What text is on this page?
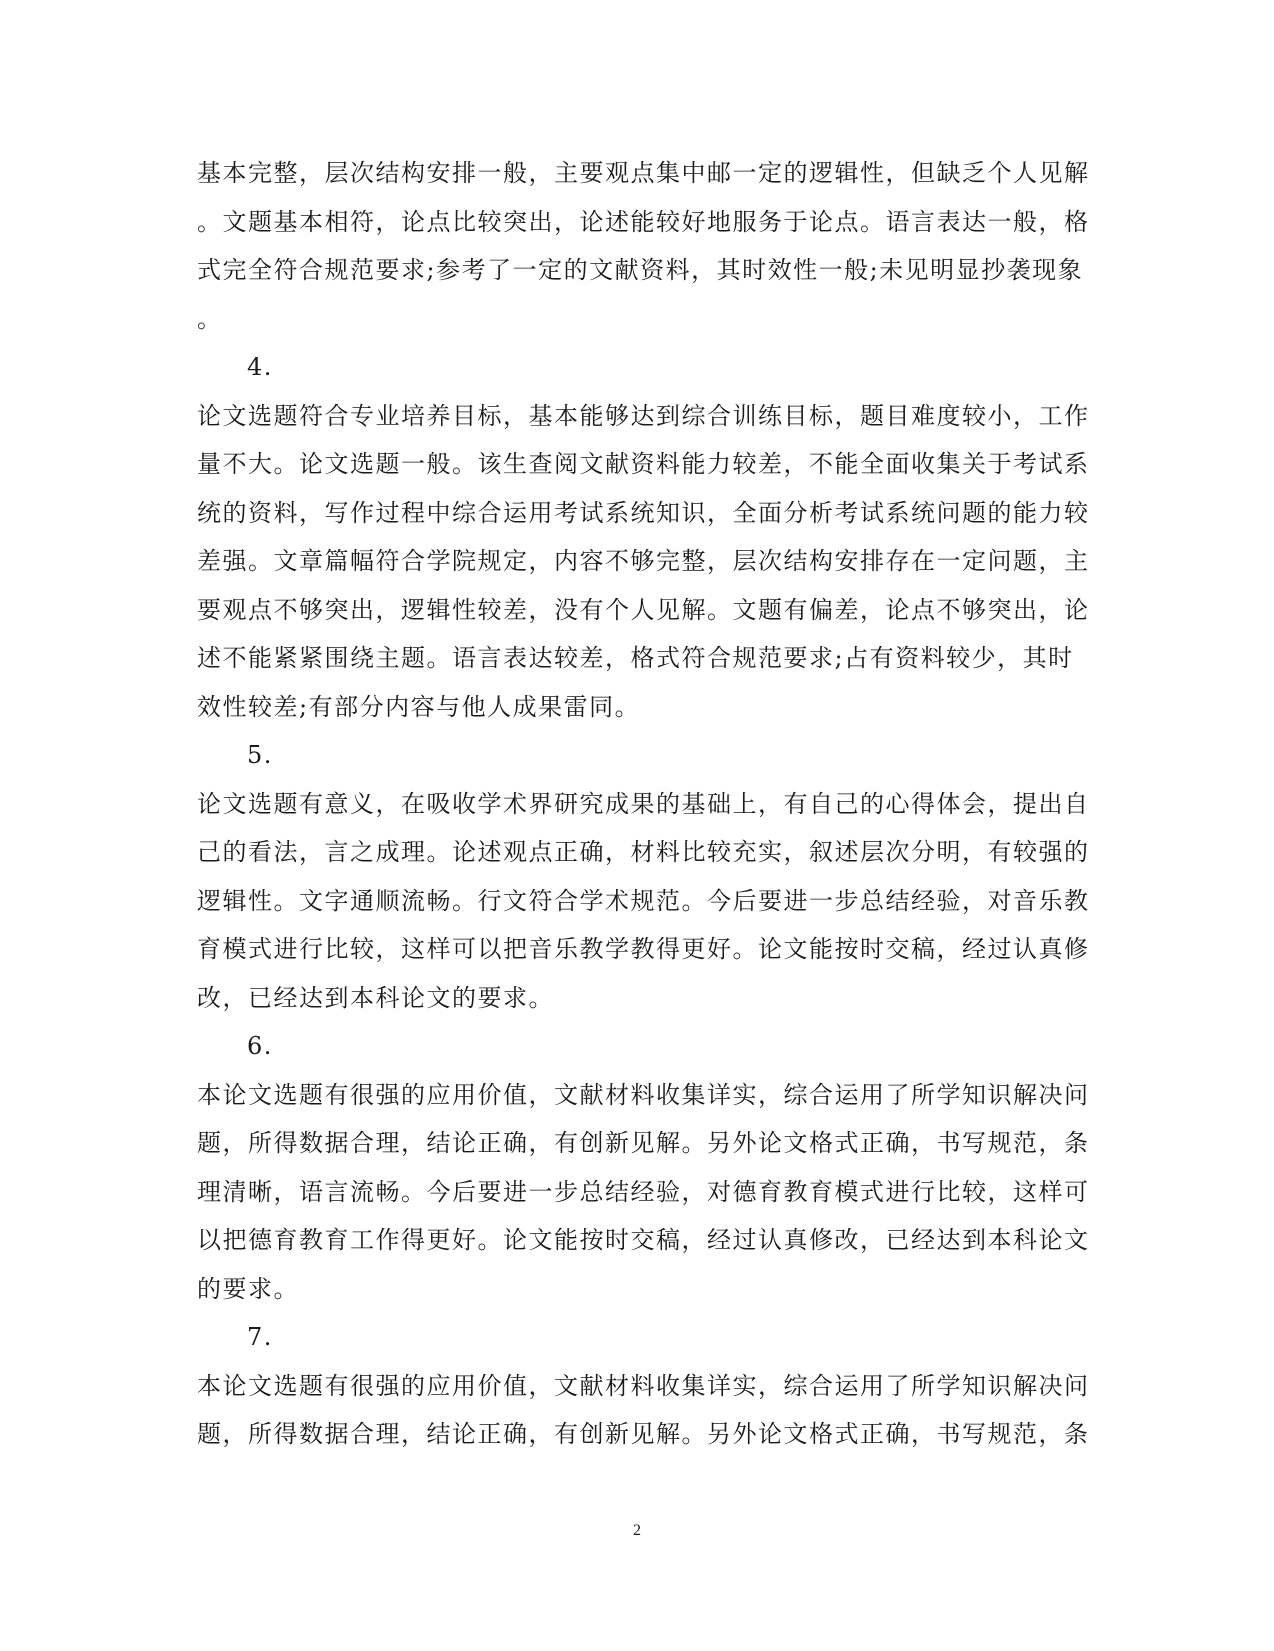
基本完整，层次结构安排一般，主要观点集中邮一定的逻辑性，但缺乏个人见解
。文题基本相符，论点比较突出，论述能较好地服务于论点。语言表达一般，格
式完全符合规范要求;参考了一定的文献资料，其时效性一般;未见明显抄袭现象
。
4.
论文选题符合专业培养目标，基本能够达到综合训练目标，题目难度较小，工作
量不大。论文选题一般。该生查阅文献资料能力较差，不能全面收集关于考试系
统的资料，写作过程中综合运用考试系统知识，全面分析考试系统问题的能力较
差强。文章篇幅符合学院规定，内容不够完整，层次结构安排存在一定问题，主
要观点不够突出，逻辑性较差，没有个人见解。文题有偏差，论点不够突出，论
述不能紧紧围绕主题。语言表达较差，格式符合规范要求;占有资料较少，其时
效性较差;有部分内容与他人成果雷同。
5.
论文选题有意义，在吸收学术界研究成果的基础上，有自己的心得体会，提出自
己的看法，言之成理。论述观点正确，材料比较充实，叙述层次分明，有较强的
逻辑性。文字通顺流畅。行文符合学术规范。今后要进一步总结经验，对音乐教
育模式进行比较，这样可以把音乐教学教得更好。论文能按时交稿，经过认真修
改，已经达到本科论文的要求。
6.
本论文选题有很强的应用价值，文献材料收集详实，综合运用了所学知识解决问
题，所得数据合理，结论正确，有创新见解。另外论文格式正确，书写规范，条
理清晰，语言流畅。今后要进一步总结经验，对德育教育模式进行比较，这样可
以把德育教育工作得更好。论文能按时交稿，经过认真修改，已经达到本科论文
的要求。
7.
本论文选题有很强的应用价值，文献材料收集详实，综合运用了所学知识解决问
题，所得数据合理，结论正确，有创新见解。另外论文格式正确，书写规范，条
2
